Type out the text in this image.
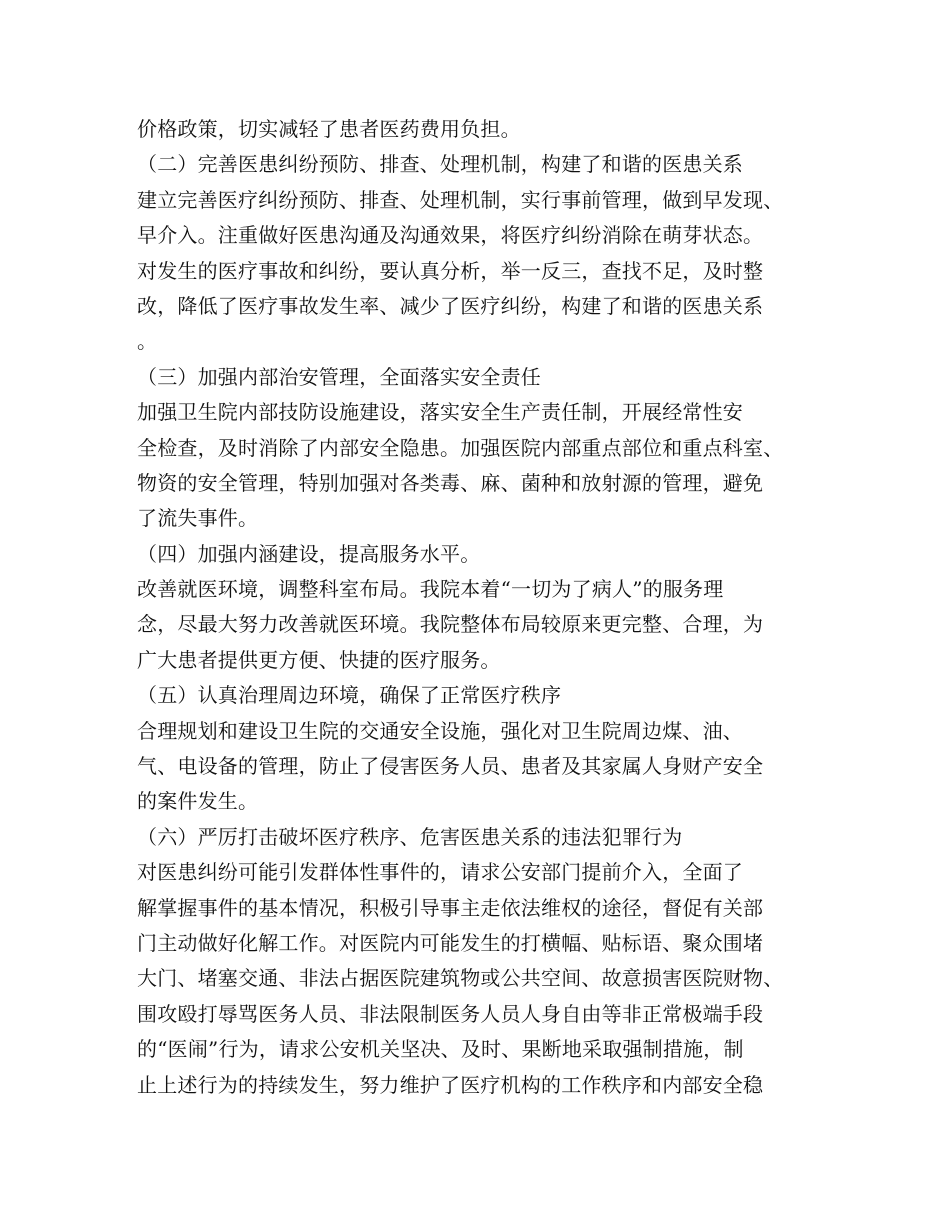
价格政策，切实减轻了患者医药费用负担。
（二）完善医患纠纷预防、排查、处理机制，构建了和谐的医患关系
建立完善医疗纠纷预防、排查、处理机制，实行事前管理，做到早发现、
早介入。注重做好医患沟通及沟通效果，将医疗纠纷消除在萌芽状态。
对发生的医疗事故和纠纷，要认真分析，举一反三，查找不足，及时整
改，降低了医疗事故发生率、减少了医疗纠纷，构建了和谐的医患关系
。
（三）加强内部治安管理，全面落实安全责任
加强卫生院内部技防设施建设，落实安全生产责任制，开展经常性安
全检查，及时消除了内部安全隐患。加强医院内部重点部位和重点科室、
物资的安全管理，特别加强对各类毒、麻、菌种和放射源的管理，避免
了流失事件。
（四）加强内涵建设，提高服务水平。
改善就医环境，调整科室布局。我院本着“一切为了病人”的服务理
念，尽最大努力改善就医环境。我院整体布局较原来更完整、合理，为
广大患者提供更方便、快捷的医疗服务。
（五）认真治理周边环境，确保了正常医疗秩序
合理规划和建设卫生院的交通安全设施，强化对卫生院周边煤、油、
气、电设备的管理，防止了侵害医务人员、患者及其家属人身财产安全
的案件发生。
（六）严厉打击破坏医疗秩序、危害医患关系的违法犯罪行为
对医患纠纷可能引发群体性事件的，请求公安部门提前介入，全面了
解掌握事件的基本情况，积极引导事主走依法维权的途径，督促有关部
门主动做好化解工作。对医院内可能发生的打横幅、贴标语、聚众围堵
大门、堵塞交通、非法占据医院建筑物或公共空间、故意损害医院财物、
围攻殴打辱骂医务人员、非法限制医务人员人身自由等非正常极端手段
的“医闹”行为，请求公安机关坚决、及时、果断地采取强制措施，制
止上述行为的持续发生，努力维护了医疗机构的工作秩序和内部安全稳
